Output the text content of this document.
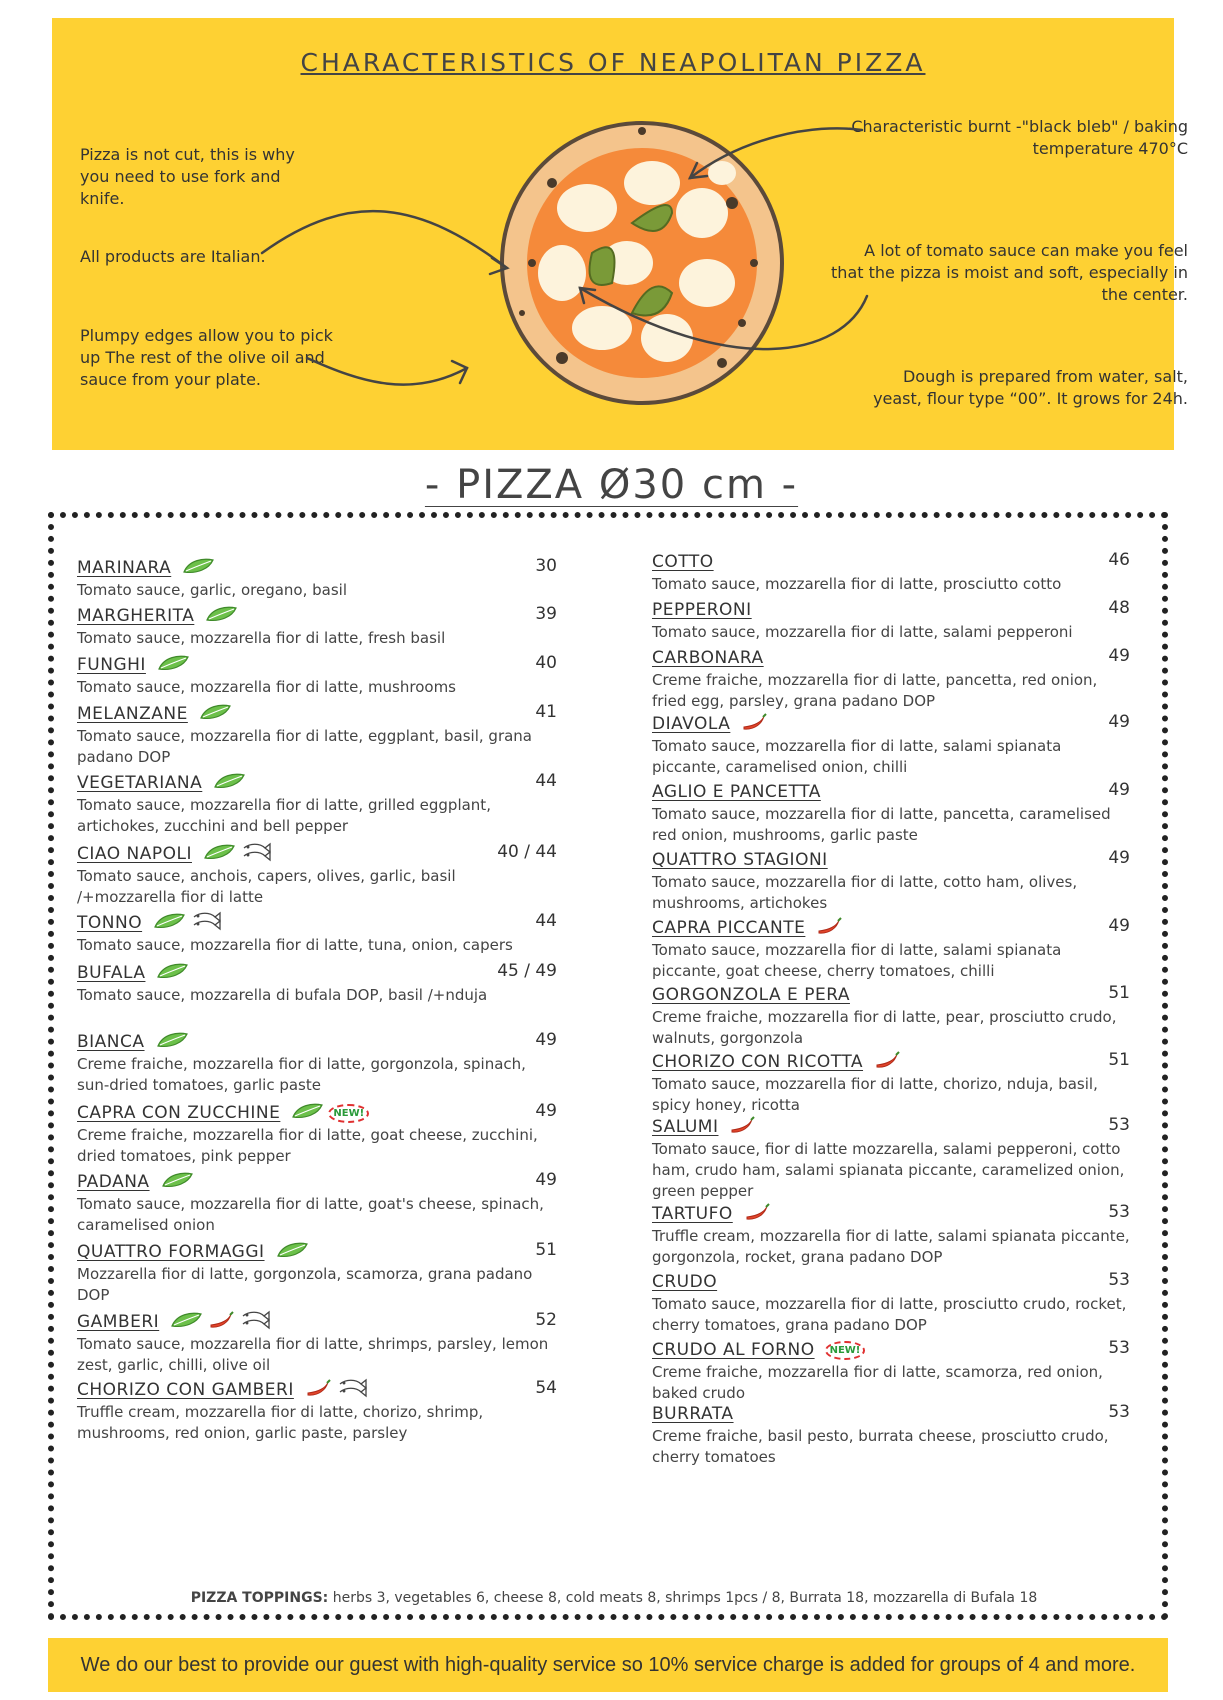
CHARACTERISTICS OF NEAPOLITAN PIZZA
Pizza is not cut, this is why you need to use fork and knife.
All products are Italian.
Plumpy edges allow you to pick up The rest of the olive oil and sauce from your plate.
Characteristic burnt -"black bleb" / baking temperature 470°C
A lot of tomato sauce can make you feel that the pizza is moist and soft, especially in the center.
Dough is prepared from water, salt, yeast, flour type “00”. It grows for 24h.
- PIZZA Ø30 cm -
MARINARA	30
Tomato sauce, garlic, oregano, basil
MARGHERITA	39
Tomato sauce, mozzarella fior di latte, fresh basil
FUNGHI	40
Tomato sauce, mozzarella fior di latte, mushrooms
MELANZANE	41
Tomato sauce, mozzarella fior di latte, eggplant, basil, grana padano DOP
VEGETARIANA	44
Tomato sauce, mozzarella fior di latte, grilled eggplant, artichokes, zucchini and bell pepper
CIAO NAPOLI	40 / 44
Tomato sauce, anchois, capers, olives, garlic, basil /+mozzarella fior di latte
TONNO	44
Tomato sauce, mozzarella fior di latte, tuna, onion, capers
BUFALA	45 / 49
Tomato sauce, mozzarella di bufala DOP, basil /+nduja
BIANCA	49
Creme fraiche, mozzarella fior di latte, gorgonzola, spinach, sun-dried tomatoes, garlic paste
CAPRA CON ZUCCHINE	NEW!	49
Creme fraiche, mozzarella fior di latte, goat cheese, zucchini, dried tomatoes, pink pepper
PADANA	49
Tomato sauce, mozzarella fior di latte, goat's cheese, spinach, caramelised onion
QUATTRO FORMAGGI	51
Mozzarella fior di latte, gorgonzola, scamorza, grana padano DOP
GAMBERI	52
Tomato sauce, mozzarella fior di latte, shrimps, parsley, lemon zest, garlic, chilli, olive oil
CHORIZO CON GAMBERI	54
Truffle cream, mozzarella fior di latte, chorizo, shrimp, mushrooms, red onion, garlic paste, parsley
COTTO	46
Tomato sauce, mozzarella fior di latte, prosciutto cotto
PEPPERONI	48
Tomato sauce, mozzarella fior di latte, salami pepperoni
CARBONARA	49
Creme fraiche, mozzarella fior di latte, pancetta, red onion, fried egg, parsley, grana padano DOP
DIAVOLA	49
Tomato sauce, mozzarella fior di latte, salami spianata piccante, caramelised onion, chilli
AGLIO E PANCETTA	49
Tomato sauce, mozzarella fior di latte, pancetta, caramelised red onion, mushrooms, garlic paste
QUATTRO STAGIONI	49
Tomato sauce, mozzarella fior di latte, cotto ham, olives, mushrooms, artichokes
CAPRA PICCANTE	49
Tomato sauce, mozzarella fior di latte, salami spianata piccante, goat cheese, cherry tomatoes, chilli
GORGONZOLA E PERA	51
Creme fraiche, mozzarella fior di latte, pear, prosciutto crudo, walnuts, gorgonzola
CHORIZO CON RICOTTA	51
Tomato sauce, mozzarella fior di latte, chorizo, nduja, basil, spicy honey, ricotta
SALUMI	53
Tomato sauce, fior di latte mozzarella, salami pepperoni, cotto ham, crudo ham, salami spianata piccante, caramelized onion, green pepper
TARTUFO	53
Truffle cream, mozzarella fior di latte, salami spianata piccante, gorgonzola, rocket, grana padano DOP
CRUDO	53
Tomato sauce, mozzarella fior di latte, prosciutto crudo, rocket, cherry tomatoes, grana padano DOP
CRUDO AL FORNO	NEW!	53
Creme fraiche, mozzarella fior di latte, scamorza, red onion, baked crudo
BURRATA	53
Creme fraiche, basil pesto, burrata cheese, prosciutto crudo, cherry tomatoes
PIZZA TOPPINGS: herbs 3, vegetables 6, cheese 8, cold meats 8, shrimps 1pcs / 8, Burrata 18, mozzarella di Bufala 18
We do our best to provide our guest with high-quality service so 10% service charge is added for groups of 4 and more.
